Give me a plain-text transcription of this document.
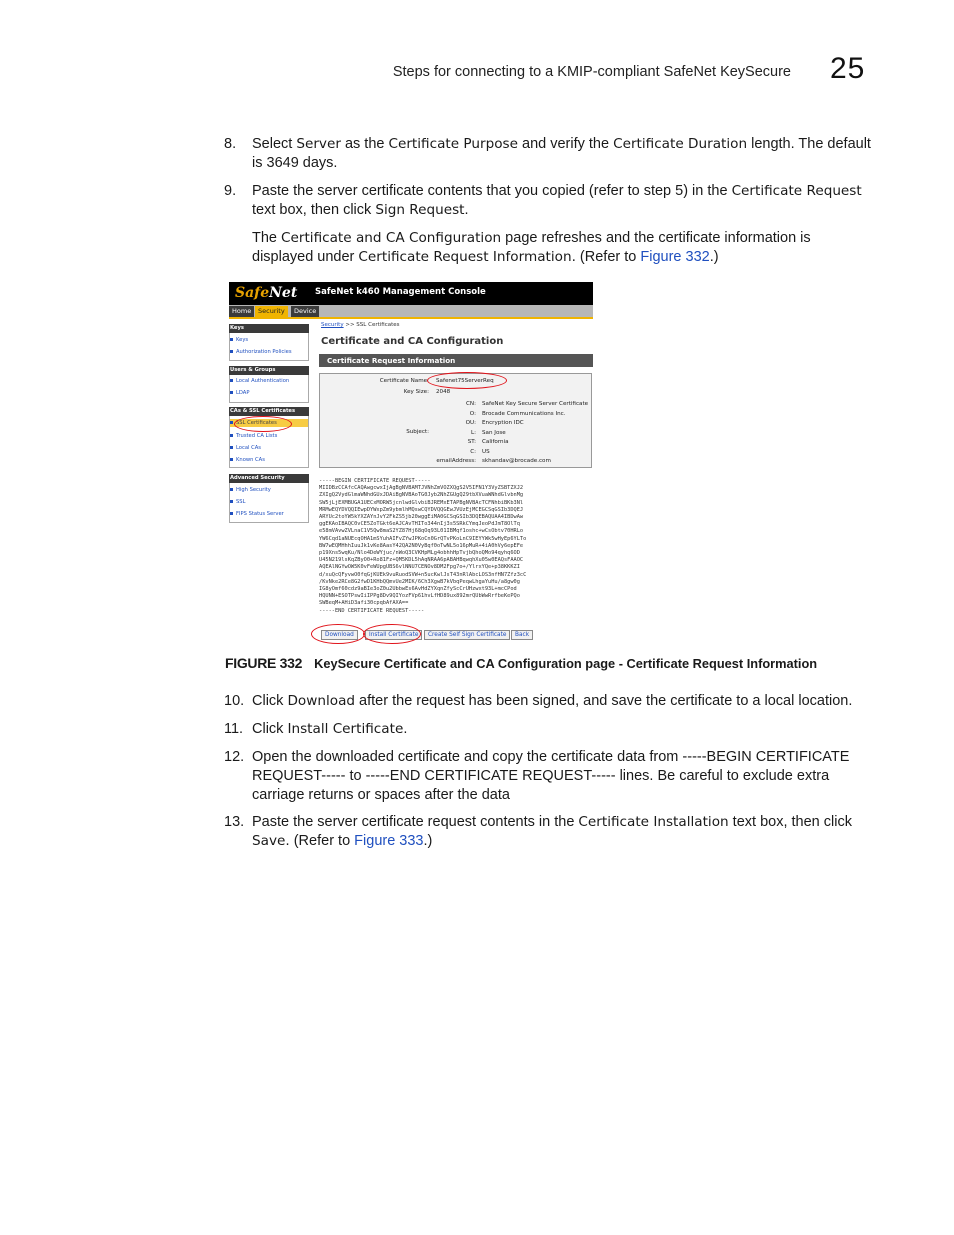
Steps for connecting to a KMIP-compliant SafeNet KeySecure 25
8. Select Server as the Certificate Purpose and verify the Certificate Duration length. The default is 3649 days.
9. Paste the server certificate contents that you copied (refer to step 5) in the Certificate Request text box, then click Sign Request.
The Certificate and CA Configuration page refreshes and the certificate information is displayed under Certificate Request Information. (Refer to Figure 332.)
SafeNet SafeNet k460 Management Console
Home	Security	Device
Keys
Keys
Authorization Policies
Users & Groups
Local Authentication
LDAP
CAs & SSL Certificates
SSL Certificates
Trusted CA Lists
Local CAs
Known CAs
Advanced Security
High Security
SSL
FIPS Status Server
Security >> SSL Certificates
Certificate and CA Configuration
Certificate Request Information
Certificate Name: Safenet75ServerReq
Key Size: 2048
Subject:
CN: SafeNet Key Secure Server Certificate
O: Brocade Communications Inc.
OU: Encryption IDC
L: San Jose
ST: California
C: US
emailAddress: skhandav@brocade.com
-----BEGIN CERTIFICATE REQUEST-----
MIIDBzCCAfcCAQAwgcwxIjAgBgNVBAMTJVNhZmVOZXQgS2V5IFN1Y3VyZSBTZXJ2
ZXIgQ2VydGlmaWNhdGUxJDAiBgNVBAoTG0Jyb2NhZGUgQ29tbXVuaWNhdGlvbnMg
SW5jLjEXMBUGA1UECxMORW5jcnlwdGlvbiBJREMxETAPBgNVBAcTCFNhbiBKb3Nl
MRMwEQYDVQQIEwpDYWxpZm9ybmlhMQswCQYDVQQGEwJVUzEjMCEGCSqGSIb3DQEJ
ARYUc2toYW5kYXZAYnJvY2FkZS5jb20wggEiMA0GCSqGSIb3DQEBAQUAA4IBDwAw
ggEKAoIBAQC0vCE5ZoTGkt6eAJCAvTHITo344nIj3s5SRkCYmqJeoPdJmT8OlTq
e58mVAvwZVLnaC1V5Qw8maS2YZ87Hj68qOq93L01IBMqf1oshc+wCsObtv70HRLo
YW6Cqd1aNUEcqOHA1mSYuhAIFvZYwJPKoCn0GrQTvPKoLnC9IEYYWk5wHyEp6YLTo
BW7wEQMHhhIuuJk1vKe8AasY42QA2N0VyBqf0oTwNL5o16pMuR+4iA0hVy6epEFe
p19Xns5wqKu/Nlo4DeWYjuc/nWoQ3CVKHpMLg4obhhHpTvjbQhoQMo94qyhq6OD
U45N219lsKqZByO0+Ro81Fz+QM5KDL5hAqNRAA6pABAHBqwqhXu05w0EAQsFAAOC
AQEAlNGYwOW5K0vFeWUpgUBS6vlNNU7CENOv8DM2Fpg7o+/YlrxYQe+p38KKKZI
d/xuQcQFyvwO0fqGjKUEk9vuRuodSVW+n5ucKwlJsT43nRlAbcLOS3nfHN7Zfz3cC
/KvNke2RCe8G2fwD1KHbQQmvUe2MIK/6Ch3XgwB7kVbqPeqwLhgaYuHu/a8gw0g
IG8yOmf60cdz9aBIe3oZ0u2UbbwEs6AvHdZYXqnZfyScCrUHzwxt93L+mcCPod
HQUNN+ESOTPswIiIPPg8Dv9QIYozFVp61hvLfHD89ux892mrQUbWwRrfbeKePQo
SWBeqM+AHiD3afi30cpqbAfAXA==
-----END CERTIFICATE REQUEST-----
Download	Install Certificate	Create Self Sign Certificate	Back
FIGURE 332 KeySecure Certificate and CA Configuration page - Certificate Request Information
10. Click Download after the request has been signed, and save the certificate to a local location.
11. Click Install Certificate.
12. Open the downloaded certificate and copy the certificate data from -----BEGIN CERTIFICATE REQUEST----- to -----END CERTIFICATE REQUEST----- lines. Be careful to exclude extra carriage returns or spaces after the data
13. Paste the server certificate request contents in the Certificate Installation text box, then click Save. (Refer to Figure 333.)
